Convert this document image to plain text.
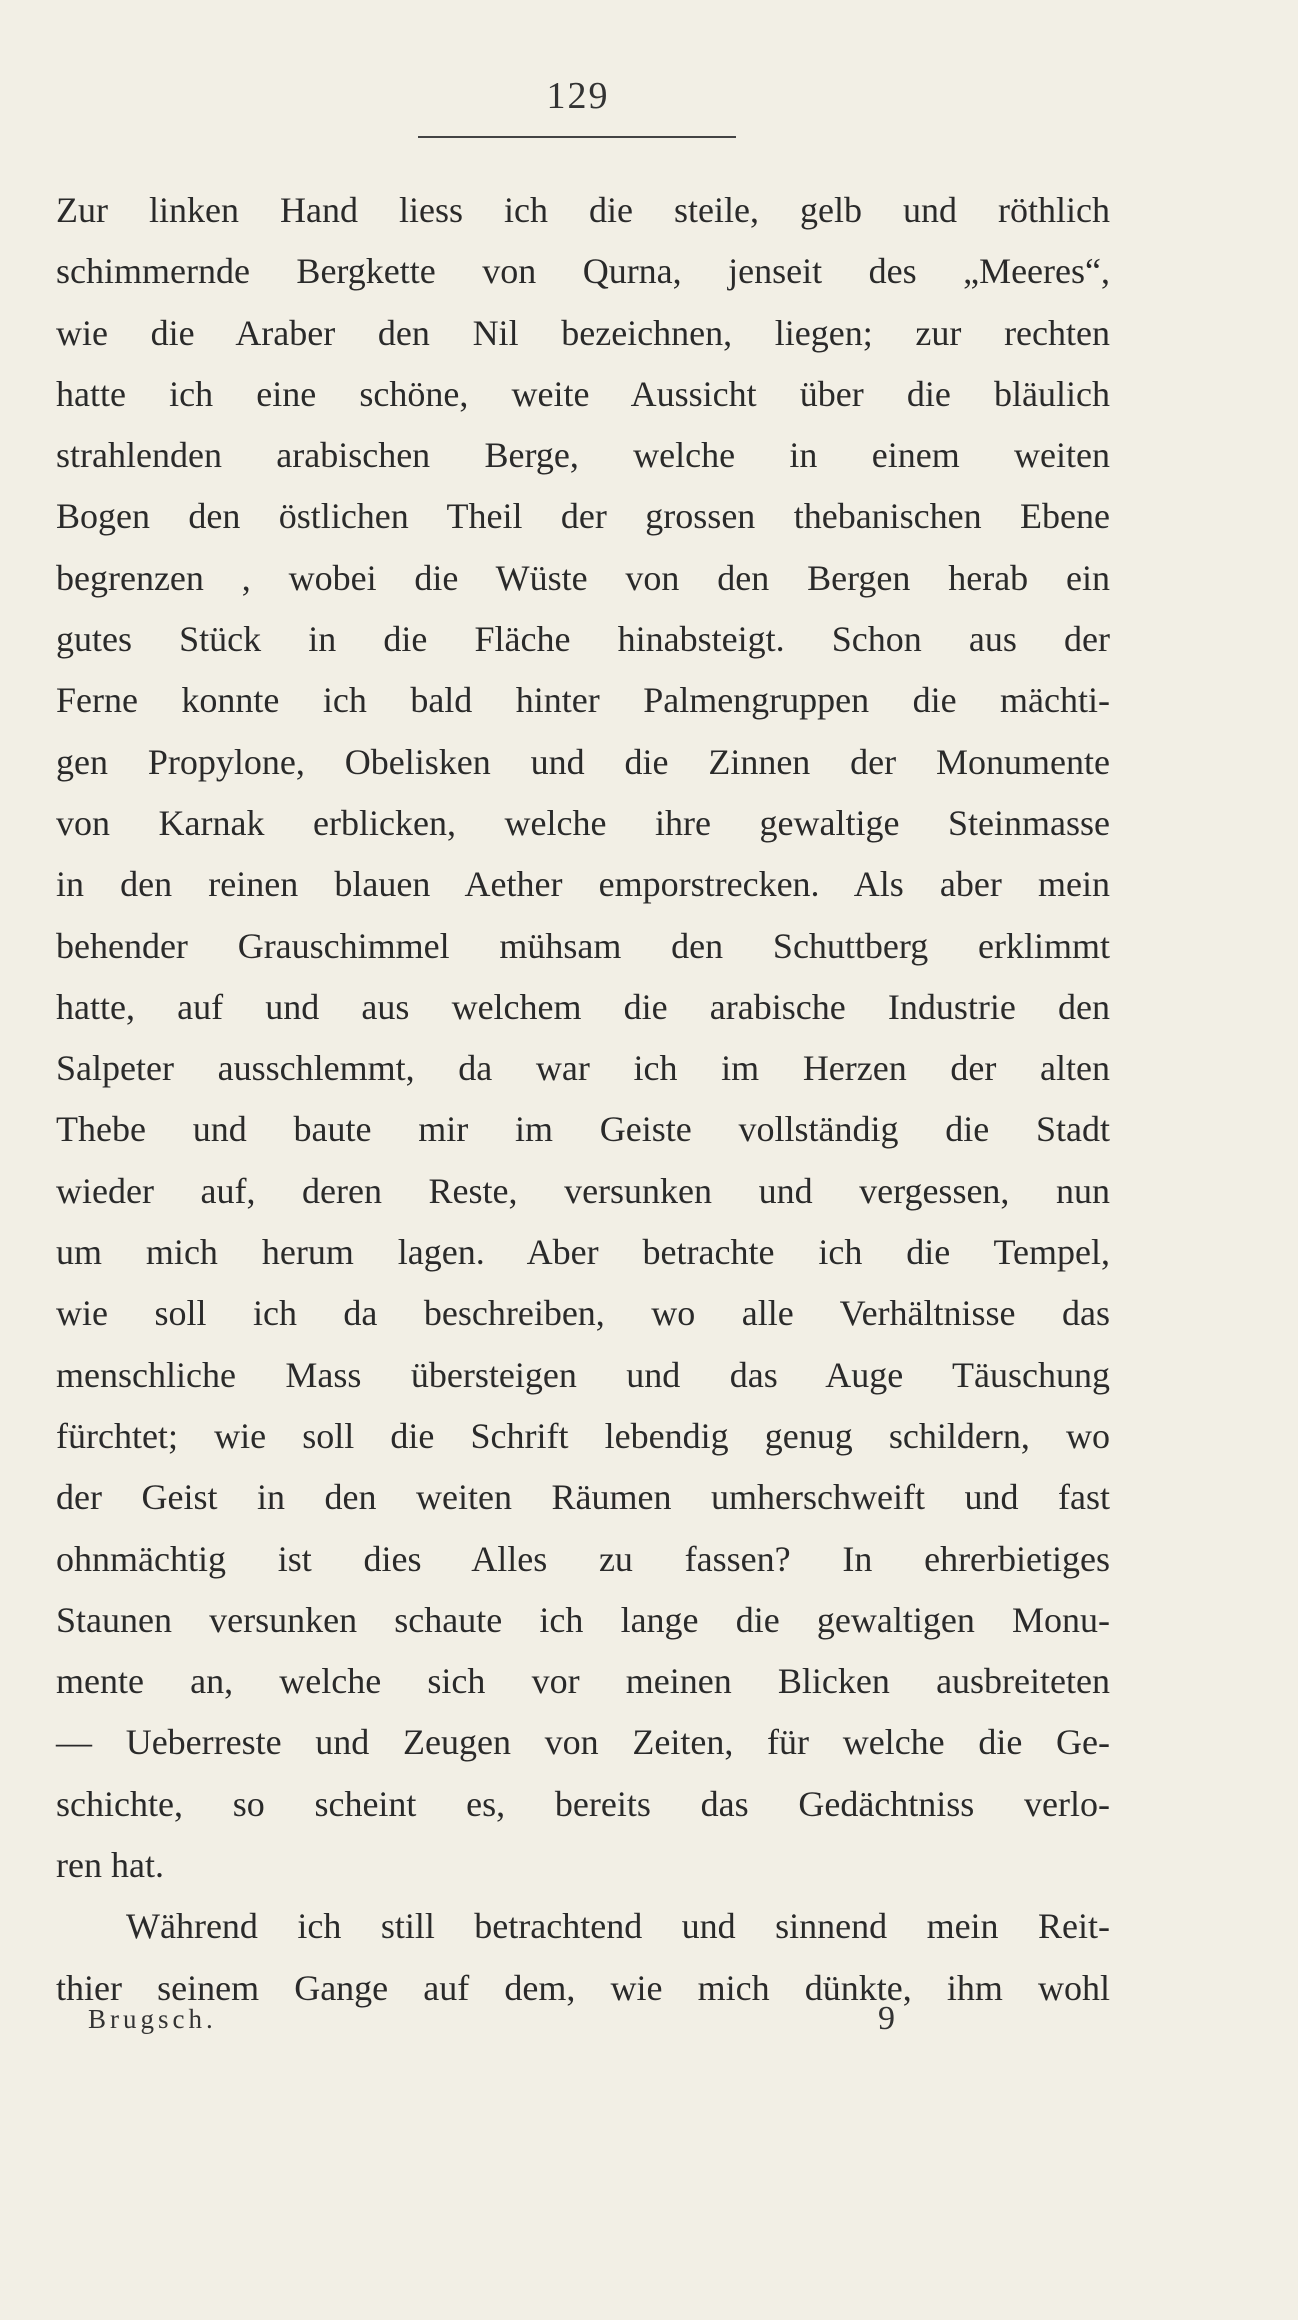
129
Zur linken Hand liess ich die steile, gelb und röthlich
schimmernde Bergkette von Qurna, jenseit des „Meeres“,
wie die Araber den Nil bezeichnen, liegen; zur rechten
hatte ich eine schöne, weite Aussicht über die bläulich
strahlenden arabischen Berge, welche in einem weiten
Bogen den östlichen Theil der grossen thebanischen Ebene
begrenzen , wobei die Wüste von den Bergen herab ein
gutes Stück in die Fläche hinabsteigt. Schon aus der
Ferne konnte ich bald hinter Palmengruppen die mächti-
gen Propylone, Obelisken und die Zinnen der Monumente
von Karnak erblicken, welche ihre gewaltige Steinmasse
in den reinen blauen Aether emporstrecken. Als aber mein
behender Grauschimmel mühsam den Schuttberg erklimmt
hatte, auf und aus welchem die arabische Industrie den
Salpeter ausschlemmt, da war ich im Herzen der alten
Thebe und baute mir im Geiste vollständig die Stadt
wieder auf, deren Reste, versunken und vergessen, nun
um mich herum lagen. Aber betrachte ich die Tempel,
wie soll ich da beschreiben, wo alle Verhältnisse das
menschliche Mass übersteigen und das Auge Täuschung
fürchtet; wie soll die Schrift lebendig genug schildern, wo
der Geist in den weiten Räumen umherschweift und fast
ohnmächtig ist dies Alles zu fassen? In ehrerbietiges
Staunen versunken schaute ich lange die gewaltigen Monu-
mente an, welche sich vor meinen Blicken ausbreiteten
— Ueberreste und Zeugen von Zeiten, für welche die Ge-
schichte, so scheint es, bereits das Gedächtniss verlo-
ren hat.
Während ich still betrachtend und sinnend mein Reit-
thier seinem Gange auf dem, wie mich dünkte, ihm wohl
Brugsch.	9
